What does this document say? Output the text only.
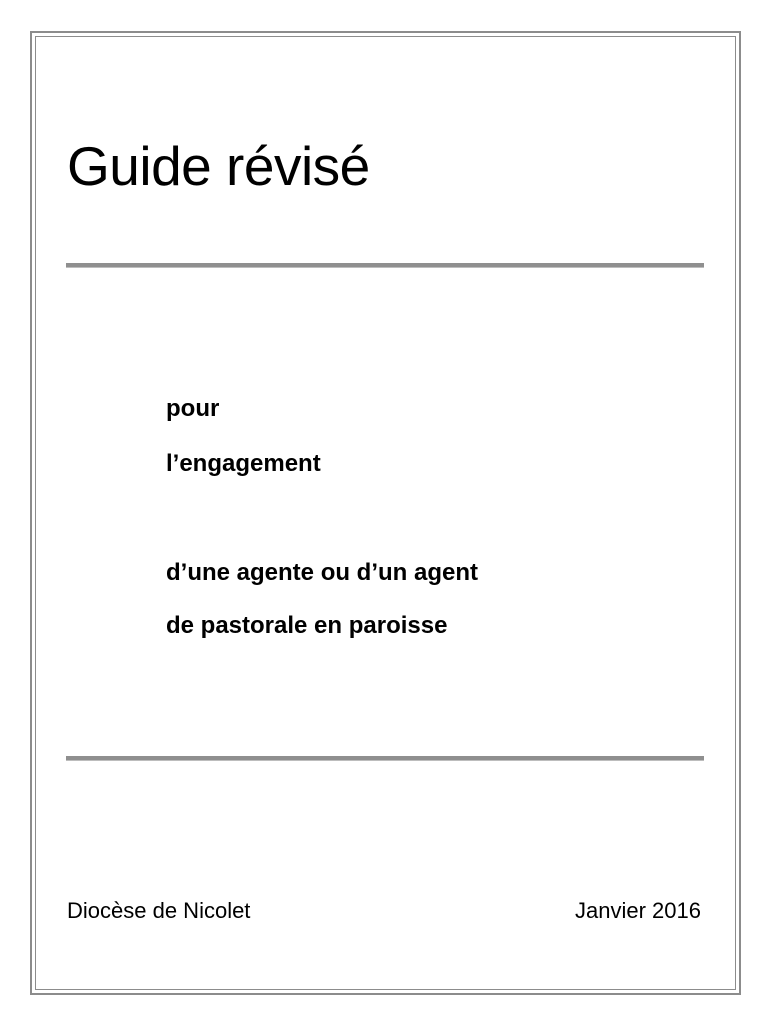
Guide révisé
pour
l’engagement
d’une agente ou d’un agent
de pastorale en paroisse
Diocèse de Nicolet	Janvier 2016
